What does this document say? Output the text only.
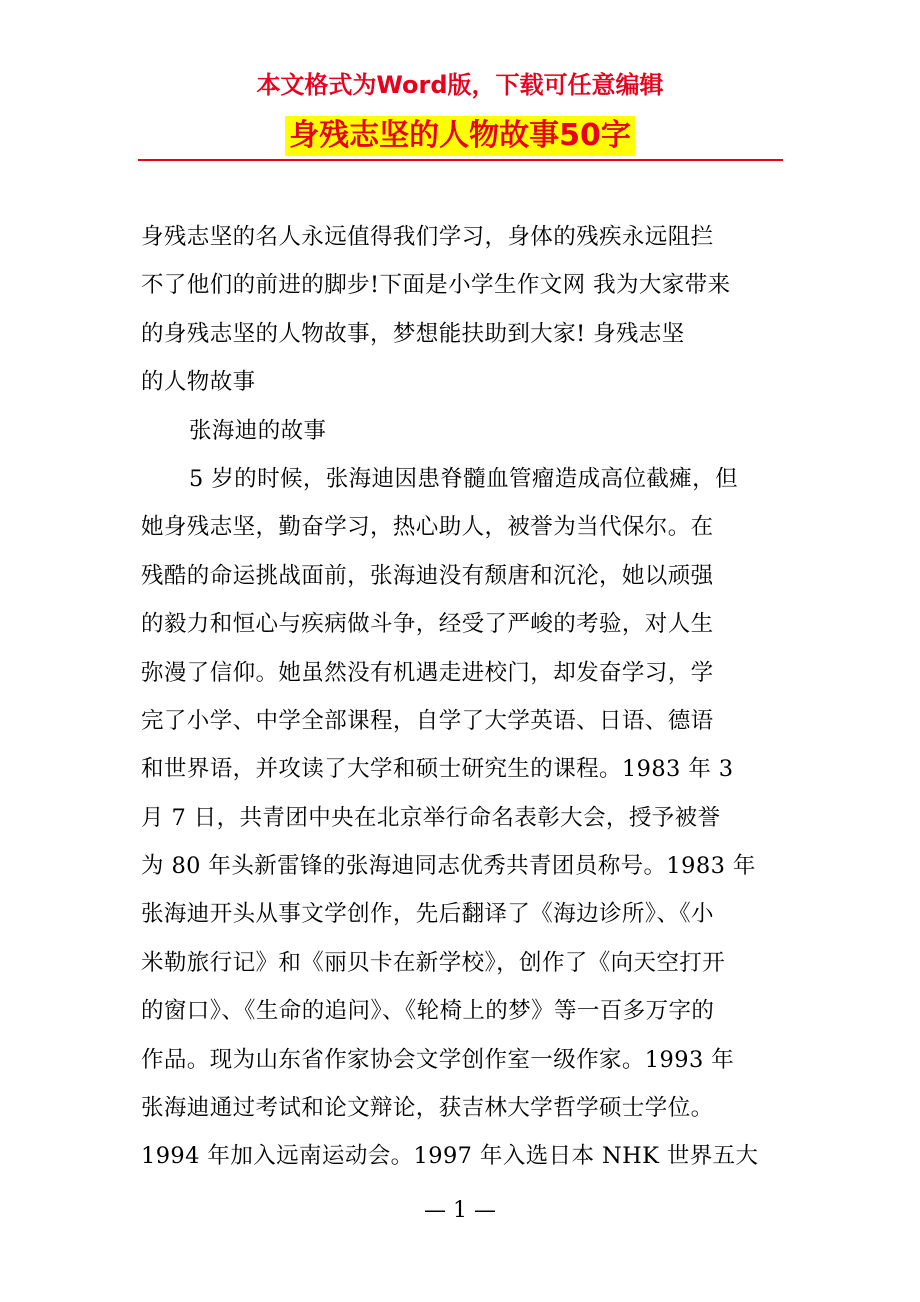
本文格式为Word版，下载可任意编辑
身残志坚的人物故事50字
身残志坚的名人永远值得我们学习，身体的残疾永远阻拦
不了他们的前进的脚步!下面是小学生作文网 我为大家带来
的身残志坚的人物故事，梦想能扶助到大家! 身残志坚
的人物故事
张海迪的故事
5 岁的时候，张海迪因患脊髓血管瘤造成高位截瘫，但
她身残志坚，勤奋学习，热心助人，被誉为当代保尔。在
残酷的命运挑战面前，张海迪没有颓唐和沉沦，她以顽强
的毅力和恒心与疾病做斗争，经受了严峻的考验，对人生
弥漫了信仰。她虽然没有机遇走进校门，却发奋学习，学
完了小学、中学全部课程，自学了大学英语、日语、德语
和世界语，并攻读了大学和硕士研究生的课程。1983 年 3
月 7 日，共青团中央在北京举行命名表彰大会，授予被誉
为 80 年头新雷锋的张海迪同志优秀共青团员称号。1983 年
张海迪开头从事文学创作，先后翻译了《海边诊所》、《小
米勒旅行记》和《丽贝卡在新学校》，创作了《向天空打开
的窗口》、《生命的追问》、《轮椅上的梦》等一百多万字的
作品。现为山东省作家协会文学创作室一级作家。1993 年
张海迪通过考试和论文辩论，获吉林大学哲学硕士学位。
1994 年加入远南运动会。1997 年入选日本 NHK 世界五大
— 1 —
